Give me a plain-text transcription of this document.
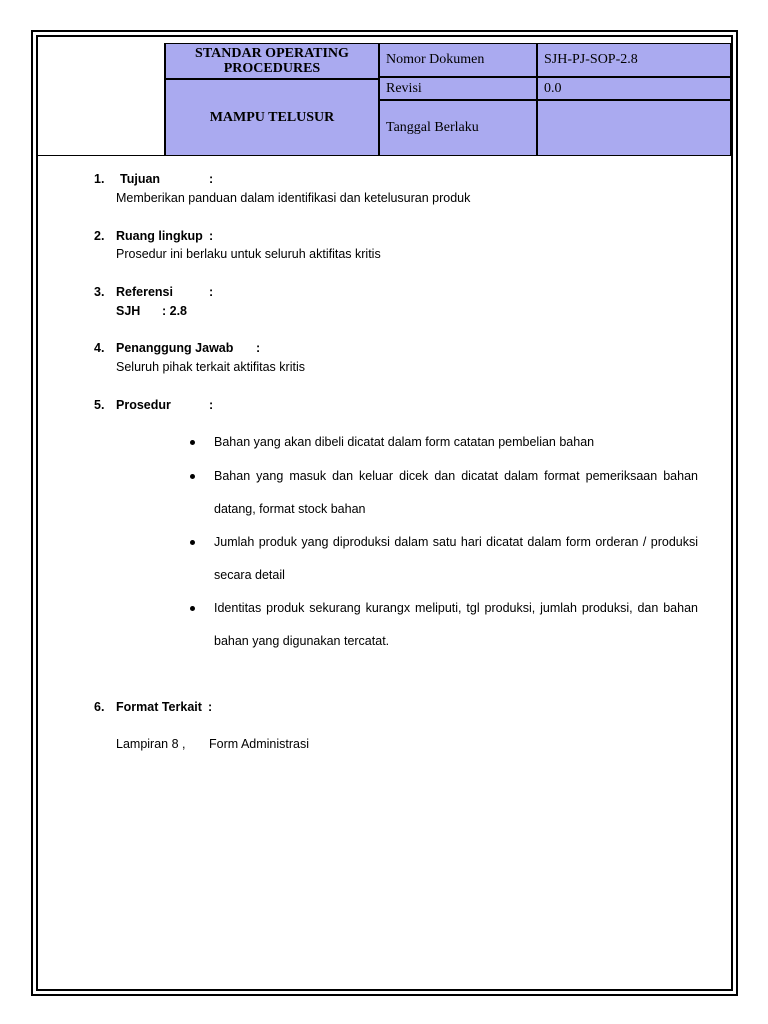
STANDAR OPERATING
PROCEDURES
MAMPU TELUSUR
Nomor Dokumen	SJH-PJ-SOP-2.8
Revisi	0.0
Tanggal Berlaku
1. Tujuan	:
Memberikan panduan dalam identifikasi dan ketelusuran produk
2. Ruang lingkup :
Prosedur ini berlaku untuk seluruh aktifitas kritis
3. Referensi	:
SJH : 2.8
4. Penanggung Jawab :
Seluruh pihak terkait aktifitas kritis
5. Prosedur	:
Bahan yang akan dibeli dicatat dalam form catatan pembelian bahan
Bahan yang masuk dan keluar dicek dan dicatat dalam format pemeriksaan bahan datang, format stock bahan
Jumlah produk yang diproduksi dalam satu hari dicatat dalam form orderan / produksi secara detail
Identitas produk sekurang kurangx meliputi, tgl produksi, jumlah produksi, dan bahan bahan yang digunakan tercatat.
6. Format Terkait :
Lampiran 8 , Form Administrasi
